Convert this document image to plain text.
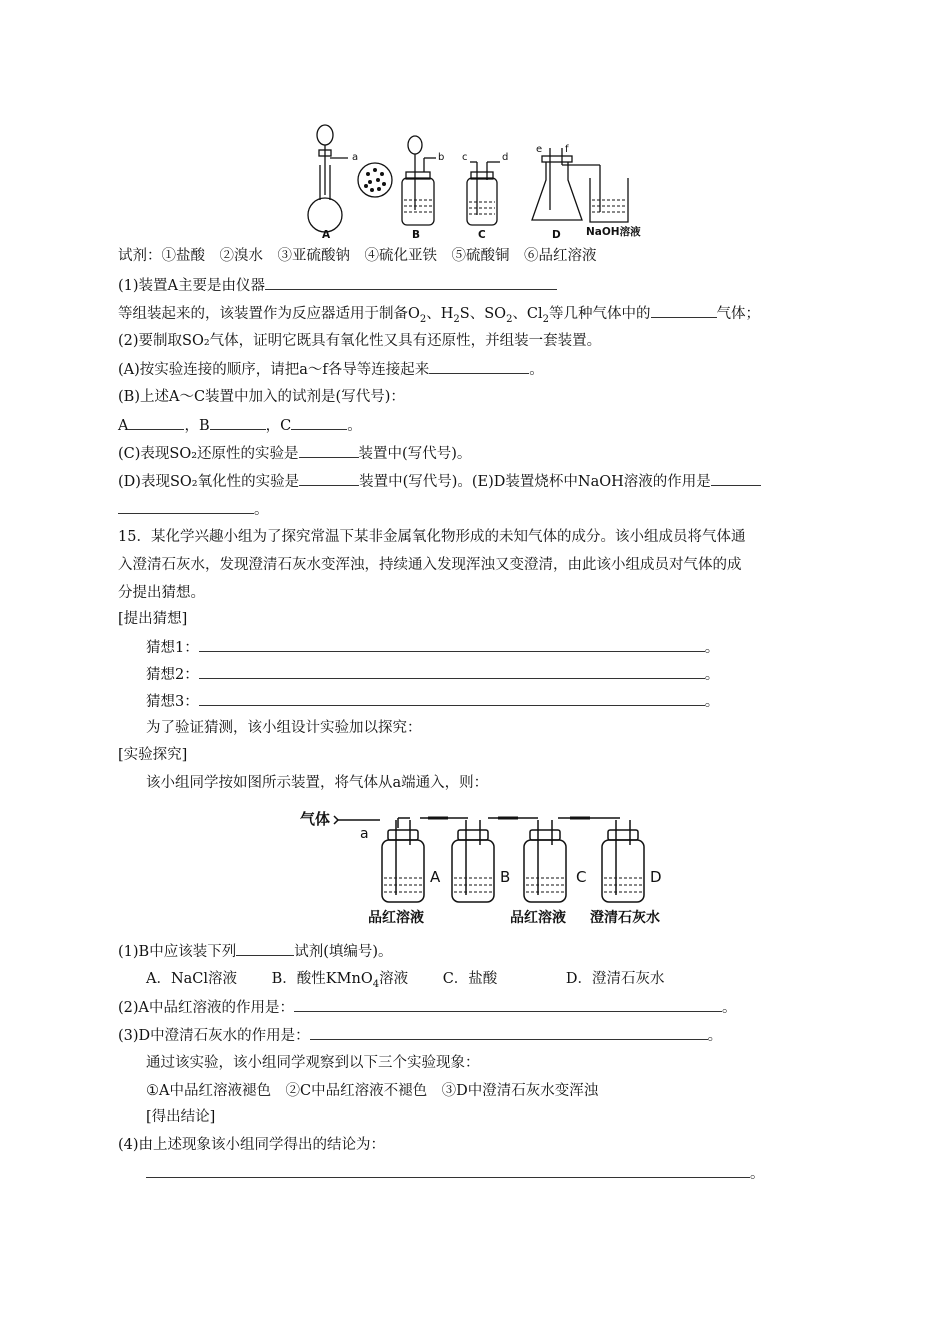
a	b c	d
e f
A	B	C	D NaOH溶液
试剂：①盐酸　②溴水　③亚硫酸钠　④硫化亚铁　⑤硫酸铜　⑥品红溶液
(1)装置A主要是由仪器
等组装起来的，该装置作为反应器适用于制备$O_2$、$H_2S$、$SO_2$、$Cl_2$等几种气体中的	气体；
(2)要制取SO₂气体，证明它既具有氧化性又具有还原性，并组装一套装置。
(A)按实验连接的顺序，请把a～f各导等连接起来	。
(B)上述A～C装置中加入的试剂是(写代号)：
A	，B	，C	。
(C)表现SO₂还原性的实验是	装置中(写代号)。
(D)表现SO₂氧化性的实验是	装置中(写代号)。(E)D装置烧杯中NaOH溶液的作用是
。
15．某化学兴趣小组为了探究常温下某非金属氧化物形成的未知气体的成分。该小组成员将气体通
入澄清石灰水，发现澄清石灰水变浑浊，持续通入发现浑浊又变澄清，由此该小组成员对气体的成
分提出猜想。
[提出猜想]
猜想1：	。
猜想2：	。
猜想3：	。
为了验证猜测，该小组设计实验加以探究：
[实验探究]
该小组同学按如图所示装置，将气体从a端通入，则：
气体
a
A	B	C	D
品红溶液	品红溶液 澄清石灰水
(1)B中应该装下列	试剂(填编号)。
A．NaCl溶液 B．酸性KMnO$_4$溶液 C．盐酸	D．澄清石灰水
(2)A中品红溶液的作用是：	。
(3)D中澄清石灰水的作用是：	。
通过该实验，该小组同学观察到以下三个实验现象：
①A中品红溶液褪色　②C中品红溶液不褪色　③D中澄清石灰水变浑浊
[得出结论]
(4)由上述现象该小组同学得出的结论为：
。
